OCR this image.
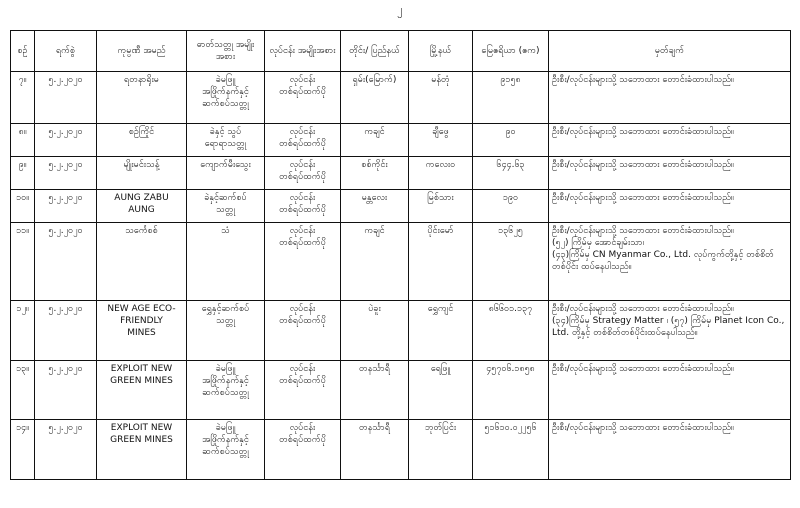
၂
စဉ်	ရက်စွဲ	ကုမ္ပဏီ အမည်	ဓာတ်သတ္တု အမျိုးအစား	လုပ်ငန်း အမျိုးအစား	တိုင်း/ ပြည်နယ်	မြို့နယ်	မြေဧရိယာ (ဧက)	မှတ်ချက်
၇။	၅.၂.၂၀၂၀	ရတနာရိုးမ	ခဲမဖြူ
အဖြိုက်နက်နှင့်
ဆက်စပ်သတ္တု	လုပ်ငန်း
တစ်ရပ်ထက်ပို	ရှမ်း(မြောက်)	မန်တုံ	၉၁၅၈	ဦးစီး/လုပ်ငန်းများသို့ သဘောထား တောင်းခံထားပါသည်။

၈။	၅.၂.၂၀၂၀	စဉ်ကြိုင်	ခဲနှင့် သွပ်
ရောရာသတ္တု	လုပ်ငန်း
တစ်ရပ်ထက်ပို	ကချင်	ချီဖွေ	၉၀	ဦးစီး/လုပ်ငန်းများသို့ သဘောထား တောင်းခံထားပါသည်။

၉။	၅.၂.၂၀၂၀	မျိုးမင်းသန့်	ကျောက်မီးသွေး	လုပ်ငန်း
တစ်ရပ်ထက်ပို	စစ်ကိုင်း	ကလေးဝ	၆၄၄.၆၃	ဦးစီး/လုပ်ငန်းများသို့ သဘောထား တောင်းခံထားပါသည်။

၁၀။	၅.၂.၂၀၂၀	AUNG ZABU
AUNG	ခဲနှင့်ဆက်စပ်
သတ္တု	လုပ်ငန်း
တစ်ရပ်ထက်ပို	မန္တလေး	မြစ်သား	၁၉၀	ဦးစီး/လုပ်ငန်းများသို့ သဘောထား တောင်းခံထားပါသည်။

၁၁။	၅.၂.၂၀၂၀	သင်္ကေစစ်	သံ	လုပ်ငန်း
တစ်ရပ်ထက်ပို	ကချင်	ပိုင်းမော်	၁၃၆၂၅	ဦးစီး/လုပ်ငန်းများသို့ သဘောထား တောင်းခံထားပါသည်။
(၅၂) ကြိမ်မှ အောင်ချမ်းသာ၊
(၄၃)ကြိမ်မှ CN Myanmar Co., Ltd. လုပ်ကွက်တို့နှင့် တစ်စိတ်
တစ်ပိုင်း ထပ်နေပါသည်။

၁၂။	၅.၂.၂၀၂၀	NEW AGE ECO-
FRIENDLY
MINES	ရွှေနှင့်ဆက်စပ်
သတ္တု	လုပ်ငန်း
တစ်ရပ်ထက်ပို	ပဲခူး	ရွှေကျင်	၈၆၆၀၁.၁၃၇	ဦးစီး/လုပ်ငန်းများသို့ သဘောထား တောင်းခံထားပါသည်။
(၃၄)ကြိမ်မှ Strategy Matter ၊ (၅၇) ကြိမ်မှ Planet Icon Co.,
Ltd. တို့နှင့် တစ်စိတ်တစ်ပိုင်းထပ်နေပါသည်။

၁၃။	၅.၂.၂၀၂၀	EXPLOIT NEW
GREEN MINES	ခဲမဖြူ
အဖြိုက်နက်နှင့်
ဆက်စပ်သတ္တု	လုပ်ငန်း
တစ်ရပ်ထက်ပို	တနင်္သာရီ	ရေဖြူ	၄၅၇၀၆.၁၈၅၈	ဦးစီး/လုပ်ငန်းများသို့ သဘောထား တောင်းခံထားပါသည်။

၁၄။	၅.၂.၂၀၂၀	EXPLOIT NEW
GREEN MINES	ခဲမဖြူ
အဖြိုက်နက်နှင့်
ဆက်စပ်သတ္တု	လုပ်ငန်း
တစ်ရပ်ထက်ပို	တနင်္သာရီ	ဘုတ်ပြင်း	၅၁၆၁၀.၀၂၂၅၆	ဦးစီး/လုပ်ငန်းများသို့ သဘောထား တောင်းခံထားပါသည်။
